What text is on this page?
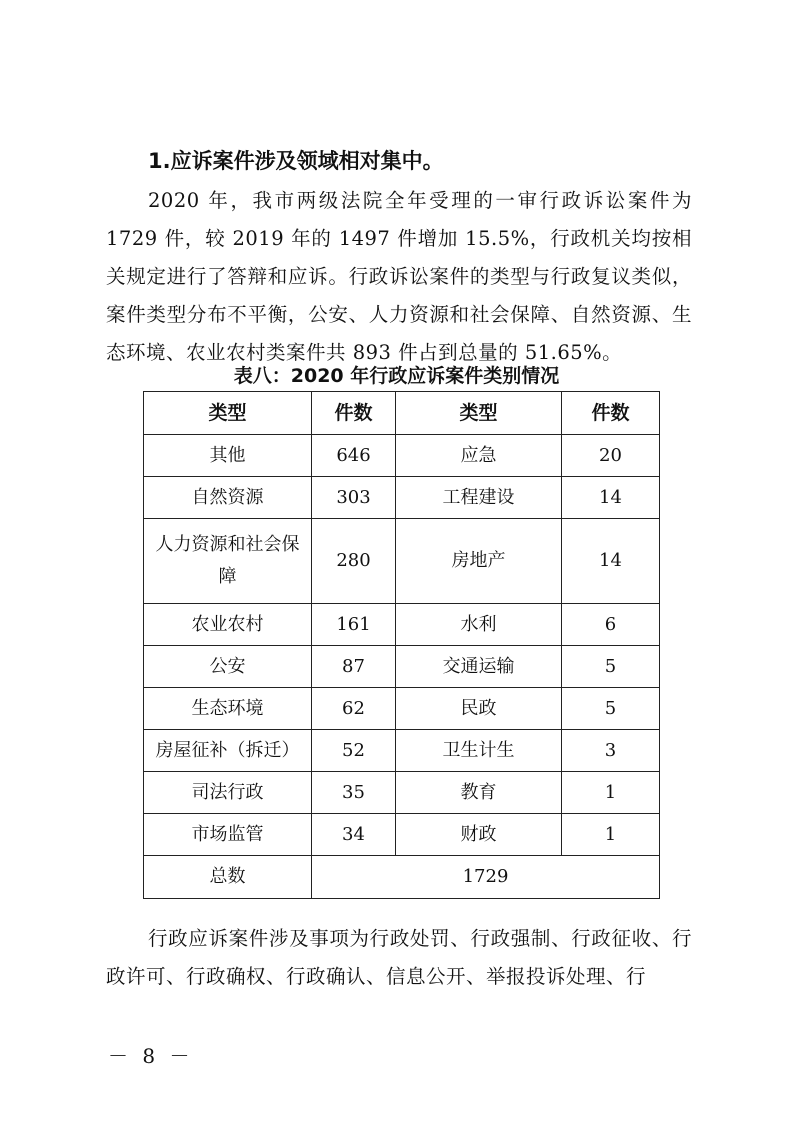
1.应诉案件涉及领域相对集中。
2020 年，我市两级法院全年受理的一审行政诉讼案件为 1729 件，较 2019 年的 1497 件增加 15.5%，行政机关均按相关规定进行了答辩和应诉。行政诉讼案件的类型与行政复议类似，案件类型分布不平衡，公安、人力资源和社会保障、自然资源、生态环境、农业农村类案件共 893 件占到总量的 51.65%。
表八：2020 年行政应诉案件类别情况
类型	件数	类型	件数
其他	646	应急	20
自然资源	303	工程建设	14
人力资源和社会保障	280	房地产	14
农业农村	161	水利	6
公安	87	交通运输	5
生态环境	62	民政	5
房屋征补（拆迁）	52	卫生计生	3
司法行政	35	教育	1
市场监管	34	财政	1
总数	1729		
行政应诉案件涉及事项为行政处罚、行政强制、行政征收、行政许可、行政确权、行政确认、信息公开、举报投诉处理、行
－ 8 －
